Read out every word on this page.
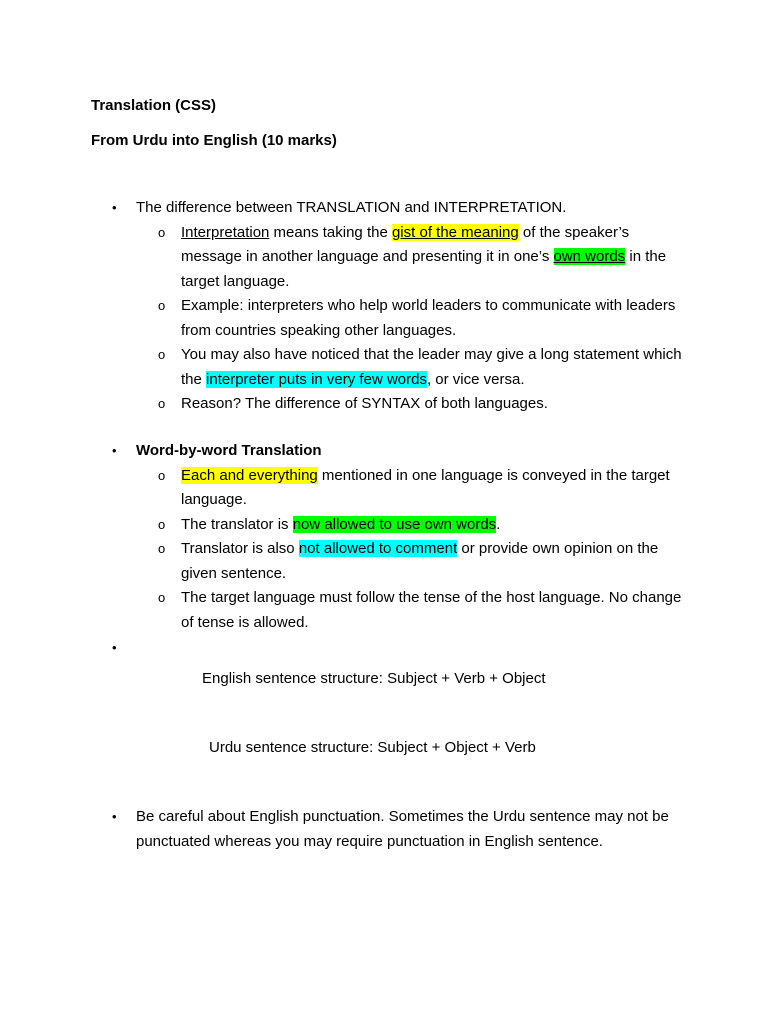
Translation (CSS)

From Urdu into English (10 marks)

• The difference between TRANSLATION and INTERPRETATION.
o Interpretation means taking the gist of the meaning of the speaker’s message in another language and presenting it in one’s own words in the target language.
o Example: interpreters who help world leaders to communicate with leaders from countries speaking other languages.
o You may also have noticed that the leader may give a long statement which the interpreter puts in very few words, or vice versa.
o Reason? The difference of SYNTAX of both languages.
• Word-by-word Translation
o Each and everything mentioned in one language is conveyed in the target language.
o The translator is now allowed to use own words.
o Translator is also not allowed to comment or provide own opinion on the given sentence.
o The target language must follow the tense of the host language. No change of tense is allowed.
•
English sentence structure: Subject + Verb + Object
Urdu sentence structure: Subject + Object + Verb
• Be careful about English punctuation. Sometimes the Urdu sentence may not be punctuated whereas you may require punctuation in English sentence.
